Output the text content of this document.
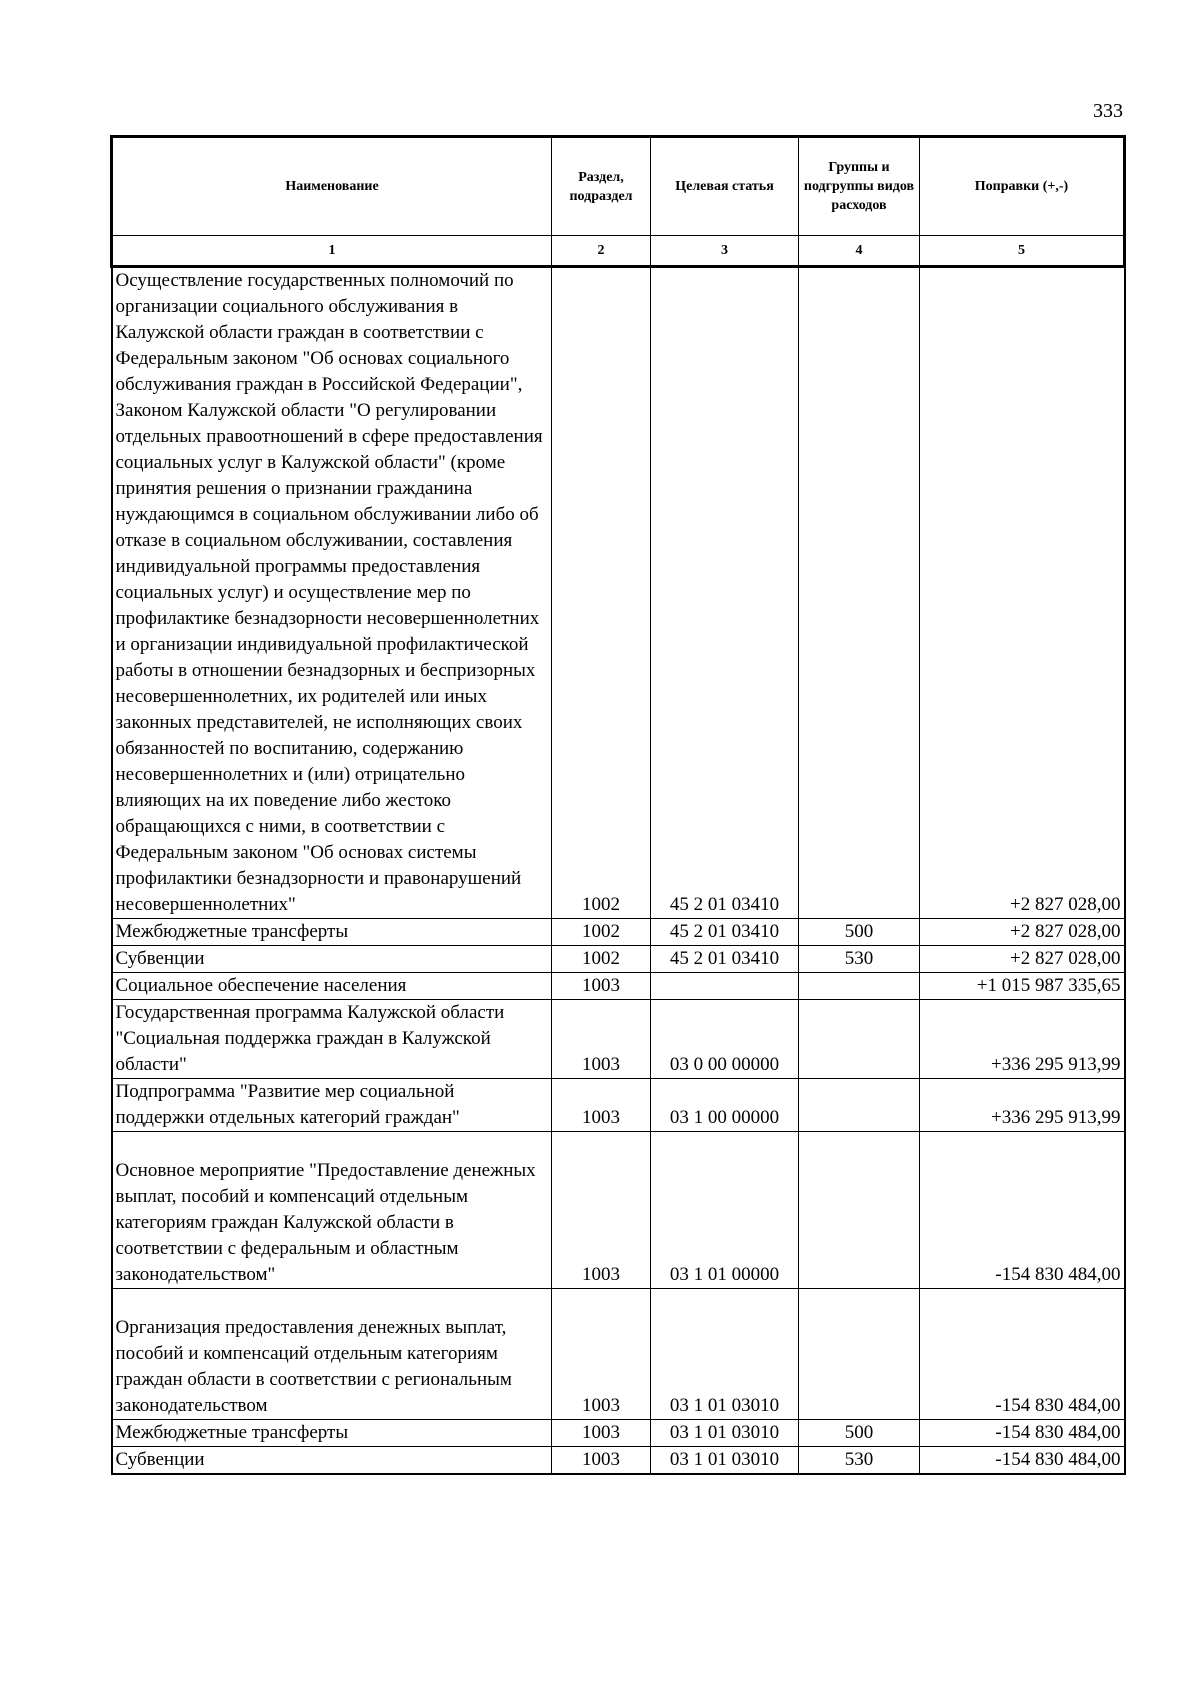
333
Наименование	Раздел, подраздел	Целевая статья	Группы и подгруппы видов расходов	Поправки (+,-)
1	2	3	4	5
Осуществление государственных полномочий по организации социального обслуживания в Калужской области граждан в соответствии с Федеральным законом "Об основах социального обслуживания граждан в Российской Федерации", Законом Калужской области "О регулировании отдельных правоотношений в сфере предоставления социальных услуг в Калужской области" (кроме принятия решения о признании гражданина нуждающимся в социальном обслуживании либо об отказе в социальном обслуживании, составления индивидуальной программы предоставления социальных услуг) и осуществление мер по профилактике безнадзорности несовершеннолетних и организации индивидуальной профилактической работы в отношении безнадзорных и беспризорных несовершеннолетних, их родителей или иных законных представителей, не исполняющих своих обязанностей по воспитанию, содержанию несовершеннолетних и (или) отрицательно влияющих на их поведение либо жестоко обращающихся с ними, в соответствии с Федеральным законом "Об основах системы профилактики безнадзорности и правонарушений несовершеннолетних"	1002	45 2 01 03410		+2 827 028,00
Межбюджетные трансферты	1002	45 2 01 03410	500	+2 827 028,00
Субвенции	1002	45 2 01 03410	530	+2 827 028,00
Социальное обеспечение населения	1003			+1 015 987 335,65
Государственная программа Калужской области "Социальная поддержка граждан в Калужской области"	1003	03 0 00 00000		+336 295 913,99
Подпрограмма "Развитие мер социальной поддержки отдельных категорий граждан"	1003	03 1 00 00000		+336 295 913,99
Основное мероприятие "Предоставление денежных выплат, пособий и компенсаций отдельным категориям граждан Калужской области в соответствии с федеральным и областным законодательством"	1003	03 1 01 00000		-154 830 484,00
Организация предоставления денежных выплат, пособий и компенсаций отдельным категориям граждан области в соответствии с региональным законодательством	1003	03 1 01 03010		-154 830 484,00
Межбюджетные трансферты	1003	03 1 01 03010	500	-154 830 484,00
Субвенции	1003	03 1 01 03010	530	-154 830 484,00
